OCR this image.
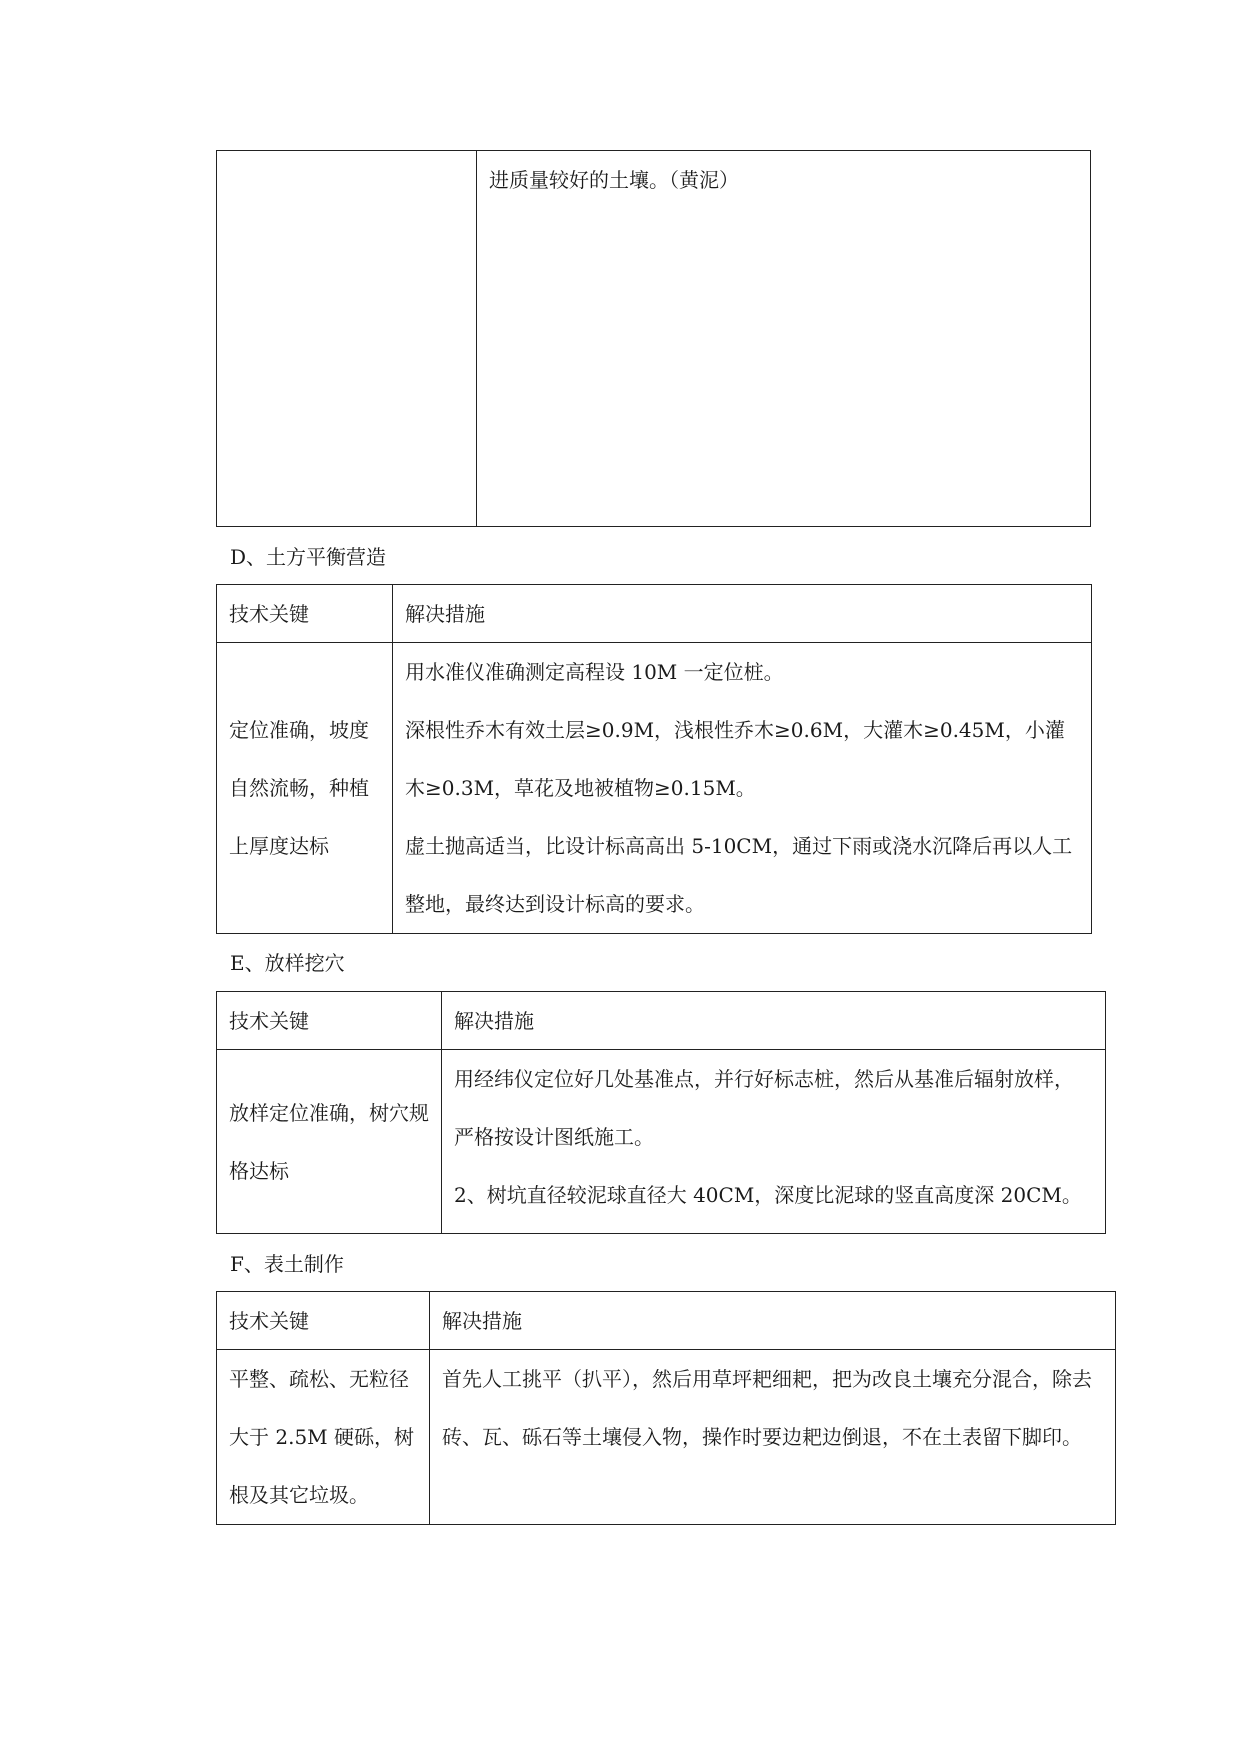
	进质量较好的土壤。（黄泥）
D、土方平衡营造
技术关键	解决措施
定位准确，坡度自然流畅，种植上厚度达标	用水准仪准确测定高程设 10M 一定位桩。

深根性乔木有效土层≥0.9M，浅根性乔木≥0.6M，大灌木≥0.45M，小灌木≥0.3M，草花及地被植物≥0.15M。

虚土抛高适当，比设计标高高出 5-10CM，通过下雨或浇水沉降后再以人工整地，最终达到设计标高的要求。

E、放样挖穴
技术关键	解决措施
放样定位准确，树穴规格达标	用经纬仪定位好几处基准点，并行好标志桩，然后从基准后辐射放样，严格按设计图纸施工。

2、树坑直径较泥球直径大 40CM，深度比泥球的竖直高度深 20CM。

F、表土制作
技术关键	解决措施
平整、疏松、无粒径大于 2.5M 硬砾，树根及其它垃圾。	首先人工挑平（扒平），然后用草坪耙细耙，把为改良土壤充分混合，除去砖、瓦、砾石等土壤侵入物，操作时要边耙边倒退，不在土表留下脚印。
